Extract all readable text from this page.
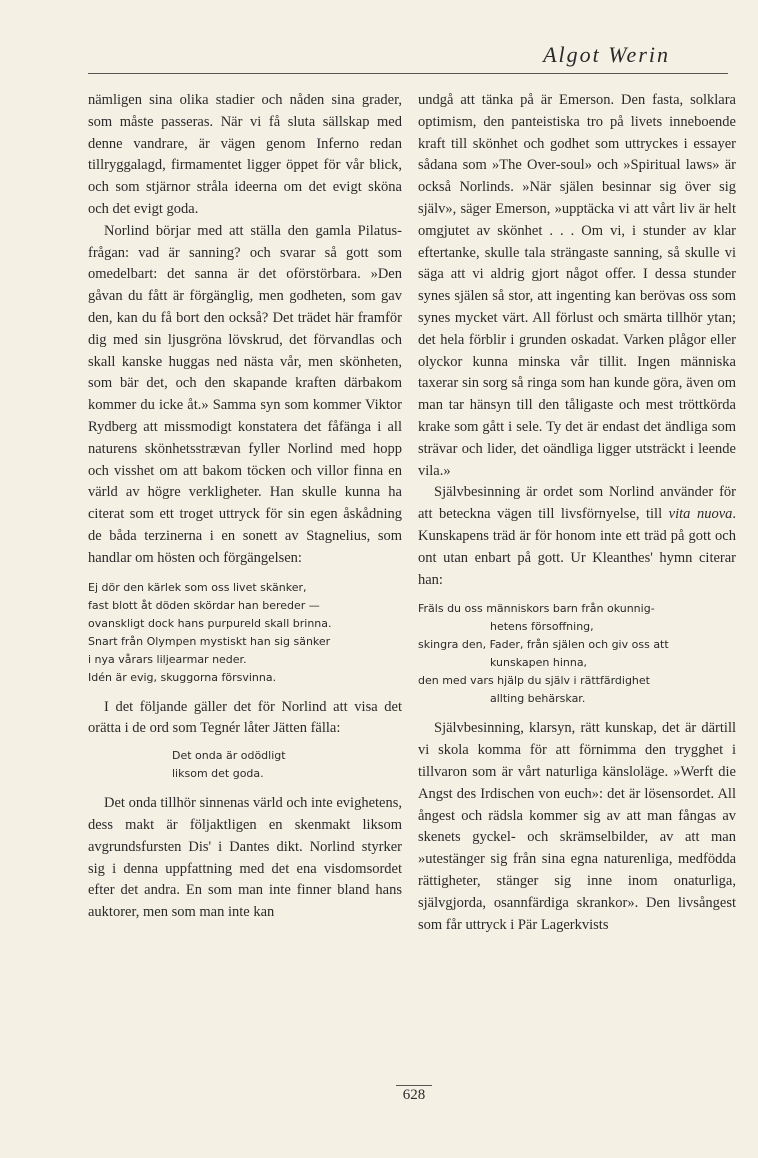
Algot Werin

nämligen sina olika stadier och nåden sina grader, som måste passeras. När vi få sluta sällskap med denne vandrare, är vägen genom Inferno redan tillryggalagd, firmamentet ligger öppet för vår blick, och som stjärnor stråla ideerna om det evigt sköna och det evigt goda.

Norlind börjar med att ställa den gamla Pilatus-frågan: vad är sanning? och svarar så gott som omedelbart: det sanna är det oförstörbara. »Den gåvan du fått är förgänglig, men godheten, som gav den, kan du få bort den också? Det trädet här framför dig med sin ljusgröna lövskrud, det förvandlas och skall kanske huggas ned nästa vår, men skönheten, som bär det, och den skapande kraften därbakom kommer du icke åt.» Samma syn som kommer Viktor Rydberg att missmodigt konstatera det fåfänga i all naturens skönhetsstrævan fyller Norlind med hopp och visshet om att bakom töcken och villor finna en värld av högre verkligheter. Han skulle kunna ha citerat som ett troget uttryck för sin egen åskådning de båda terzinerna i en sonett av Stagnelius, som handlar om hösten och förgängelsen:

Ej dör den kärlek som oss livet skänker,
fast blott åt döden skördar han bereder —
ovanskligt dock hans purpureld skall brinna.
Snart från Olympen mystiskt han sig sänker
i nya vårars liljearmar neder.
Idén är evig, skuggorna försvinna.

I det följande gäller det för Norlind att visa det orätta i de ord som Tegnér låter Jätten fälla:

Det onda är odödligt
liksom det goda.

Det onda tillhör sinnenas värld och inte evighetens, dess makt är följaktligen en skenmakt liksom avgrundsfursten Dis' i Dantes dikt. Norlind styrker sig i denna uppfattning med det ena visdomsordet efter det andra. En som man inte finner bland hans auktorer, men som man inte kan

undgå att tänka på är Emerson. Den fasta, solklara optimism, den panteistiska tro på livets inneboende kraft till skönhet och godhet som uttryckes i essayer sådana som »The Over-soul» och »Spiritual laws» är också Norlinds. »När själen besinnar sig över sig själv», säger Emerson, »upptäcka vi att vårt liv är helt omgjutet av skönhet . . . Om vi, i stunder av klar eftertanke, skulle tala strängaste sanning, så skulle vi säga att vi aldrig gjort något offer. I dessa stunder synes själen så stor, att ingenting kan berövas oss som synes mycket värt. All förlust och smärta tillhör ytan; det hela förblir i grunden oskadat. Varken plågor eller olyckor kunna minska vår tillit. Ingen människa taxerar sin sorg så ringa som han kunde göra, även om man tar hänsyn till den tåligaste och mest tröttkörda krake som gått i sele. Ty det är endast det ändliga som strävar och lider, det oändliga ligger utsträckt i leende vila.»

Självbesinning är ordet som Norlind använder för att beteckna vägen till livsförnyelse, till vita nuova. Kunskapens träd är för honom inte ett träd på gott och ont utan enbart på gott. Ur Kleanthes' hymn citerar han:

Fräls du oss människors barn från okunnig-
hetens försoffning,
skingra den, Fader, från själen och giv oss att
kunskapen hinna,
den med vars hjälp du själv i rättfärdighet
allting behärskar.

Självbesinning, klarsyn, rätt kunskap, det är därtill vi skola komma för att förnimma den trygghet i tillvaron som är vårt naturliga känsloläge. »Werft die Angst des Irdischen von euch»: det är lösensordet. All ångest och rädsla kommer sig av att man fångas av skenets gyckel- och skrämselbilder, av att man »utestänger sig från sina egna naturenliga, medfödda rättigheter, stänger sig inne inom onaturliga, självgjorda, osannfärdiga skrankor». Den livsångest som får uttryck i Pär Lagerkvists

628
